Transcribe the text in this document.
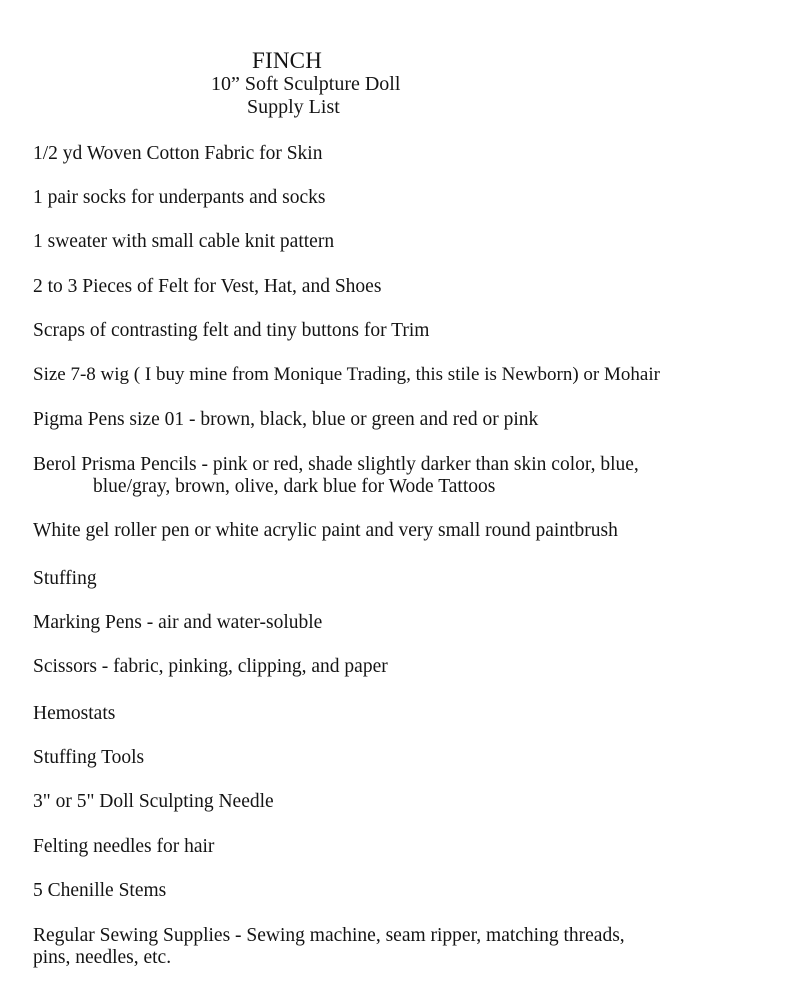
FINCH
10” Soft Sculpture Doll
Supply List
1/2 yd Woven Cotton Fabric for Skin
1 pair socks for underpants and socks
1 sweater with small cable knit pattern
2 to 3 Pieces of Felt for Vest, Hat, and Shoes
Scraps of contrasting felt and tiny buttons for Trim
Size 7-8 wig ( I buy mine from Monique Trading, this stile is Newborn) or Mohair
Pigma Pens size 01 - brown, black, blue or green and red or pink
Berol Prisma Pencils - pink or red, shade slightly darker than skin color, blue,
blue/gray, brown, olive, dark blue for Wode Tattoos
White gel roller pen or white acrylic paint and very small round paintbrush
Stuffing
Marking Pens - air and water-soluble
Scissors - fabric, pinking, clipping, and paper
Hemostats
Stuffing Tools
3" or 5" Doll Sculpting Needle
Felting needles for hair
5 Chenille Stems
Regular Sewing Supplies - Sewing machine, seam ripper, matching threads,
pins, needles, etc.
